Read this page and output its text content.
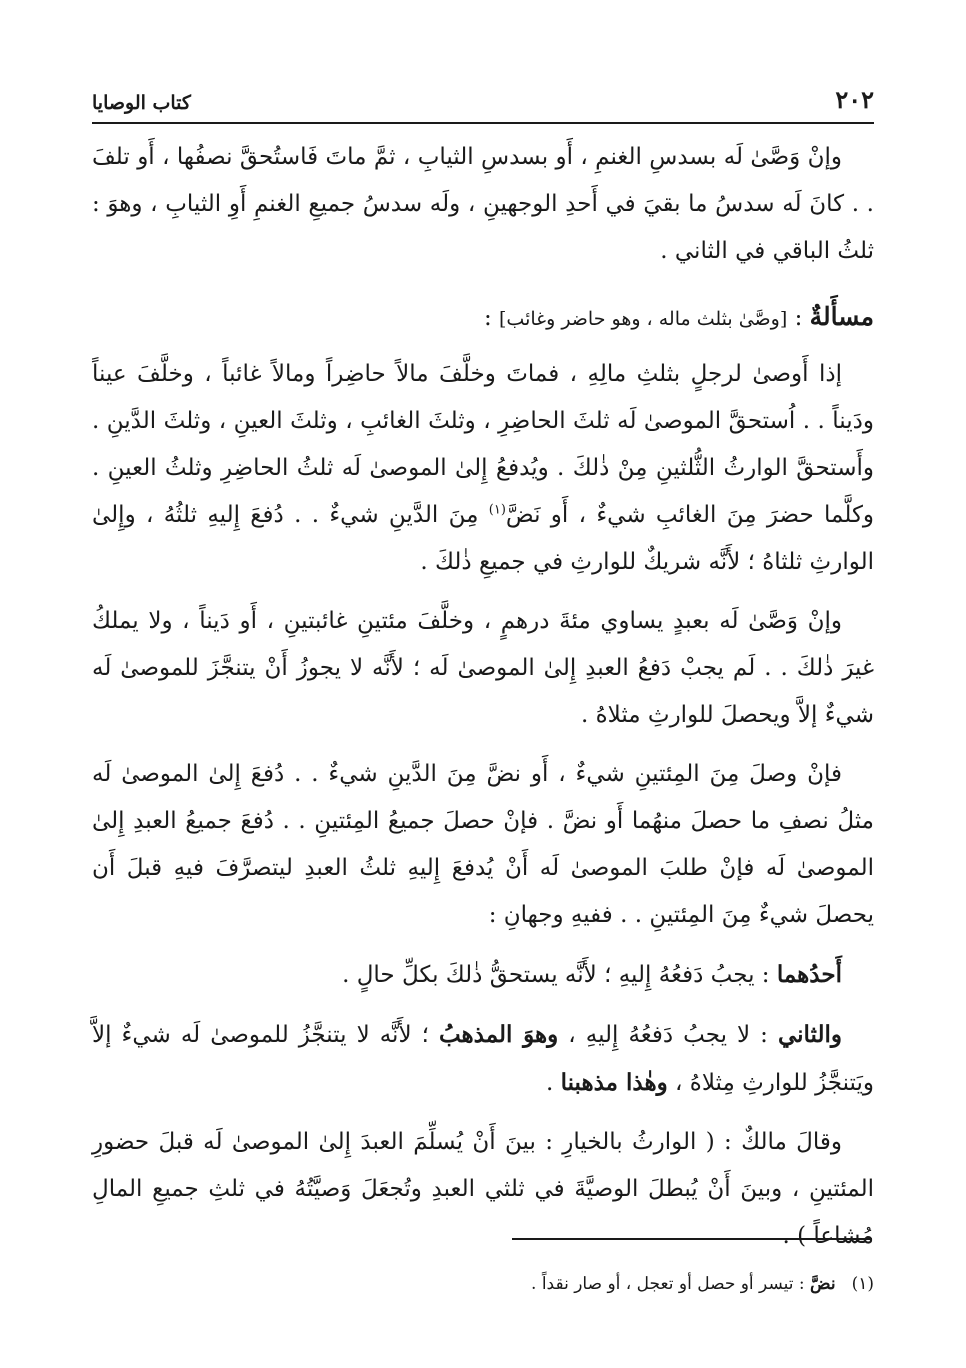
٢٠٢
كتاب الوصايا

وإنْ وَصَّىٰ لَه بسدسِ الغنمِ ، أَو بسدسِ الثيابِ ، ثمَّ ماتَ فَاستُحقَّ نصفُها ، أَو تلفَ . . كانَ لَه سدسُ ما بقيَ في أَحدِ الوجهينِ ، ولَه سدسُ جميعِ الغنمِ أَوِ الثيابِ ، وهوَ : ثلثُ الباقي في الثاني .

مسأَلةٌ : [وصَّىٰ بثلث ماله ، وهو حاضر وغائب] :

إذا أَوصىٰ لرجلٍ بثلثِ مالِهِ ، فماتَ وخلَّفَ مالاً حاضِراً ومالاً غائباً ، وخلَّفَ عيناً ودَيناً . . اُستحقَّ الموصىٰ لَه ثلثَ الحاضِرِ ، وثلثَ الغائبِ ، وثلثَ العينِ ، وثلثَ الدَّينِ . وأَستحقَّ الوارثُ الثُّلثينِ مِنْ ذٰلكَ . ويُدفعُ إِلىٰ الموصىٰ لَه ثلثُ الحاضِرِ وثلثُ العينِ . وكلَّما حضرَ مِنَ الغائبِ شيءٌ ، أَو نَضَّ$^{(١)}$ مِنَ الدَّينِ شيءٌ . . دُفعَ إِليهِ ثلثُهُ ، وإِلىٰ الوارثِ ثلثاهُ ؛ لأَنَّه شريكٌ للوارثِ في جميعِ ذٰلكَ .

وإنْ وَصَّىٰ لَه بعبدٍ يساوي مئةَ درهمٍ ، وخلَّفَ مئتينِ غائبتينِ ، أَو دَيناً ، ولا يملكُ غيرَ ذٰلكَ . . لَم يجبْ دَفعُ العبدِ إِلىٰ الموصىٰ لَه ؛ لأَنَّه لا يجوزُ أَنْ يتنجَّزَ للموصىٰ لَه شيءٌ إلاَّ ويحصلَ للوارثِ مثلاهُ .

فإنْ وصلَ مِنَ المِئتينِ شيءٌ ، أَو نضَّ مِنَ الدَّينِ شيءٌ . . دُفعَ إِلىٰ الموصىٰ لَه مثلُ نصفِ ما حصلَ منهُما أَو نضَّ . فإنْ حصلَ جميعُ المِئتينِ . . دُفعَ جميعُ العبدِ إِلىٰ الموصىٰ لَه فإنْ طلبَ الموصىٰ لَه أَنْ يُدفعَ إِليهِ ثلثُ العبدِ ليتصرَّفَ فيهِ قبلَ أَن يحصلَ شيءٌ مِنَ المِئتينِ . . ففيهِ وجهانِ :

أَحدُهما : يجبُ دَفعُهُ إِليهِ ؛ لأَنَّه يستحقُّ ذٰلكَ بكلِّ حالٍ .

والثاني : لا يجبُ دَفعُهُ إِليهِ ، وهوَ المذهبُ ؛ لأَنَّه لا يتنجَّزُ للموصىٰ لَه شيءٌ إلاَّ ويَتنجَّزُ للوارثِ مِثلاهُ ، وهٰذا مذهبنا .

وقالَ مالكٌ : ( الوارثُ بالخيارِ : بينَ أَنْ يُسلِّمَ العبدَ إِلىٰ الموصىٰ لَه قبلَ حضورِ المئتينِ ، وبينَ أَنْ يُبطلَ الوصيَّةَ في ثلثي العبدِ وتُجعَلَ وَصيَّتُهُ في ثلثِ جميعِ المالِ مُشاعاً ) .

(١)نضَّ : تيسر أو حصل أو تعجل ، أو صار نقداً .
